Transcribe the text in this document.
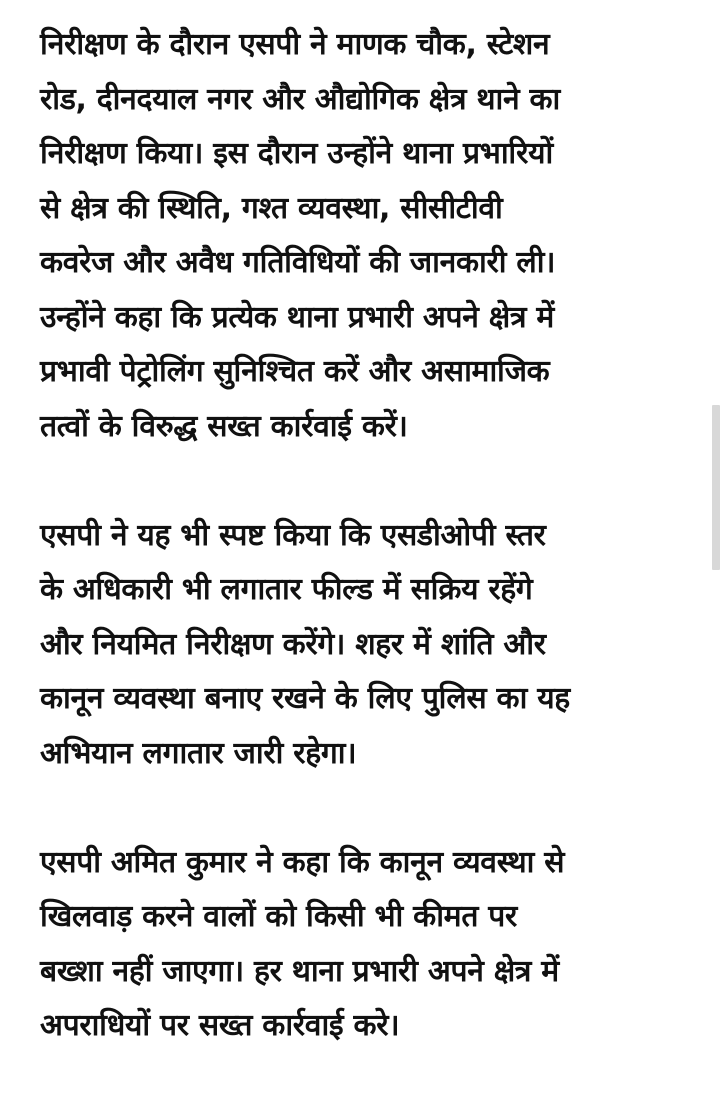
निरीक्षण के दौरान एसपी ने माणक चौक, स्टेशन
रोड, दीनदयाल नगर और औद्योगिक क्षेत्र थाने का
निरीक्षण किया। इस दौरान उन्होंने थाना प्रभारियों
से क्षेत्र की स्थिति, गश्त व्यवस्था, सीसीटीवी
कवरेज और अवैध गतिविधियों की जानकारी ली।
उन्होंने कहा कि प्रत्येक थाना प्रभारी अपने क्षेत्र में
प्रभावी पेट्रोलिंग सुनिश्चित करें और असामाजिक
तत्वों के विरुद्ध सख्त कार्रवाई करें।
एसपी ने यह भी स्पष्ट किया कि एसडीओपी स्तर
के अधिकारी भी लगातार फील्ड में सक्रिय रहेंगे
और नियमित निरीक्षण करेंगे। शहर में शांति और
कानून व्यवस्था बनाए रखने के लिए पुलिस का यह
अभियान लगातार जारी रहेगा।
एसपी अमित कुमार ने कहा कि कानून व्यवस्था से
खिलवाड़ करने वालों को किसी भी कीमत पर
बख्शा नहीं जाएगा। हर थाना प्रभारी अपने क्षेत्र में
अपराधियों पर सख्त कार्रवाई करे।
